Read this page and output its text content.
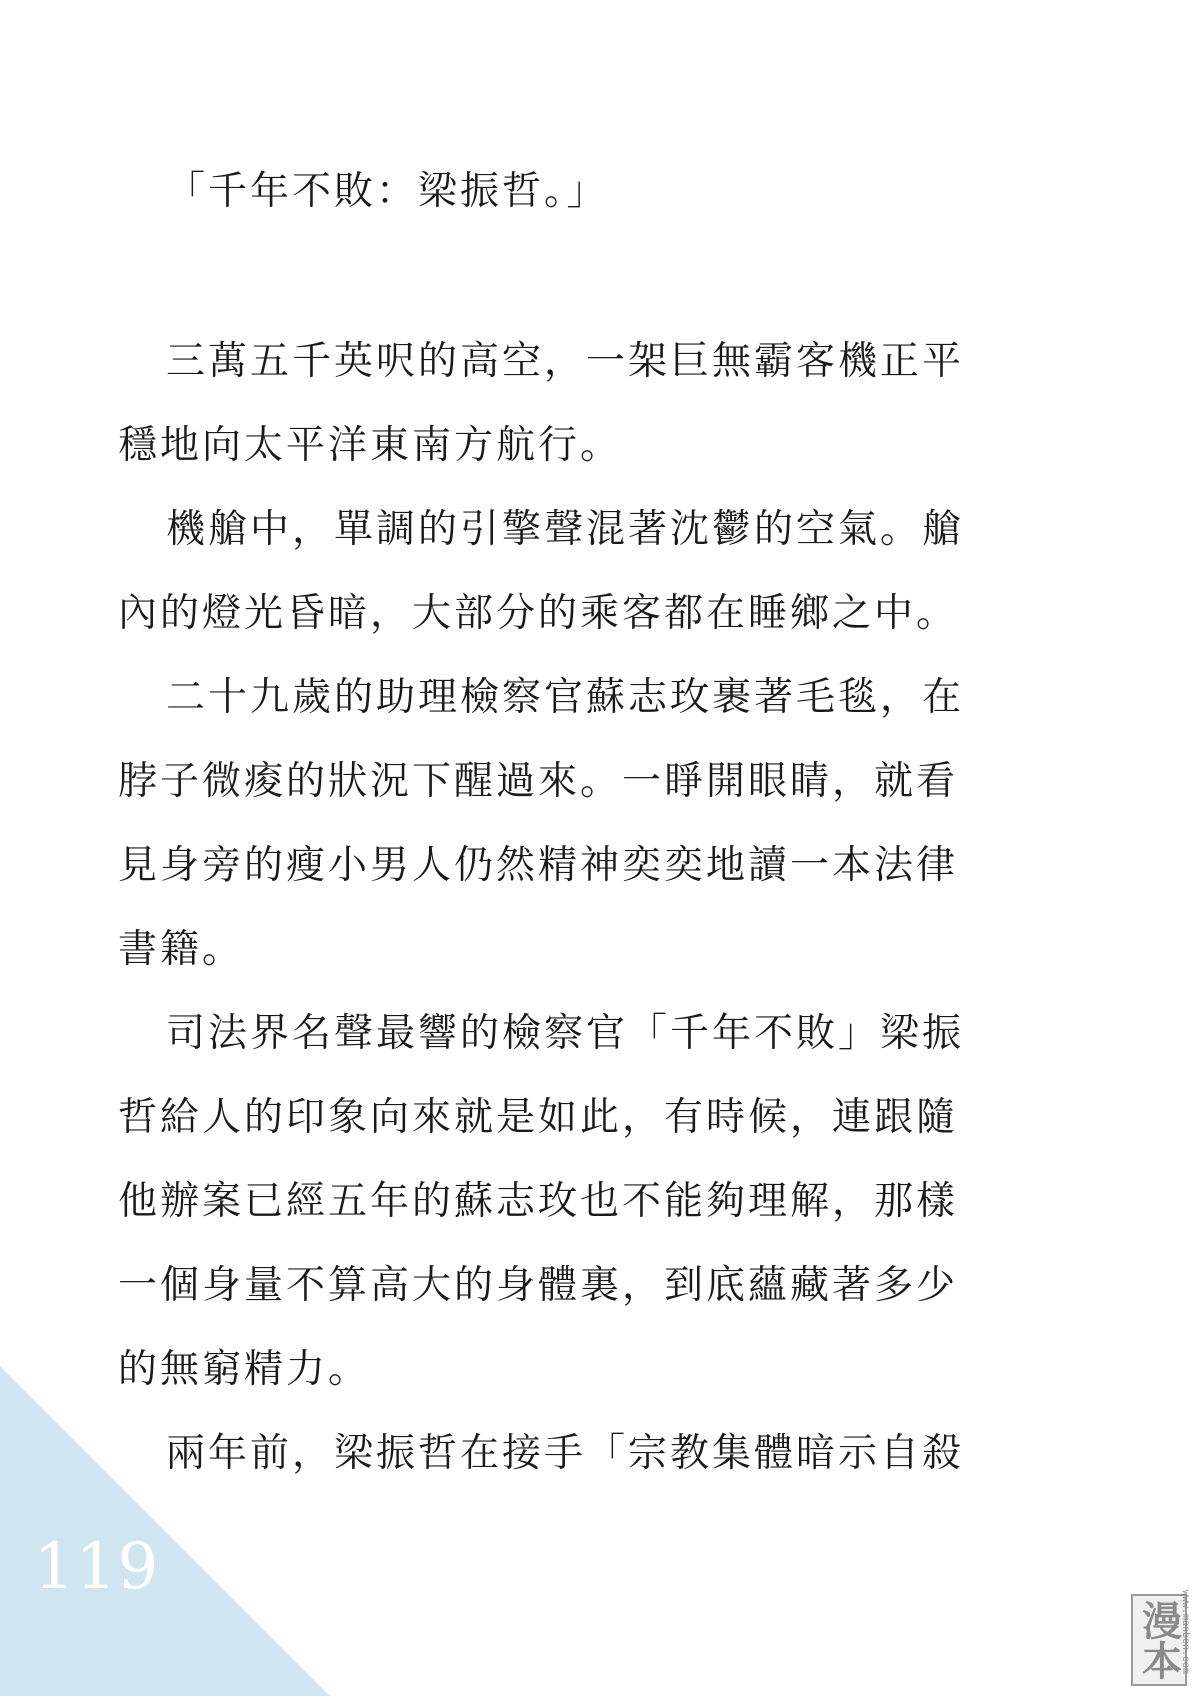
119
「千年不敗：梁振哲。」
三萬五千英呎的高空，一架巨無霸客機正平
穩地向太平洋東南方航行。
機艙中，單調的引擎聲混著沈鬱的空氣。艙
內的燈光昏暗，大部分的乘客都在睡鄉之中。
二十九歲的助理檢察官蘇志玫裹著毛毯，在
脖子微痠的狀況下醒過來。一睜開眼睛，就看
見身旁的瘦小男人仍然精神奕奕地讀一本法律
書籍。
司法界名聲最響的檢察官「千年不敗」梁振
哲給人的印象向來就是如此，有時候，連跟隨
他辦案已經五年的蘇志玫也不能夠理解，那樣
一個身量不算高大的身體裏，到底蘊藏著多少
的無窮精力。
兩年前，梁振哲在接手「宗教集體暗示自殺
漫本
www.manben.com
